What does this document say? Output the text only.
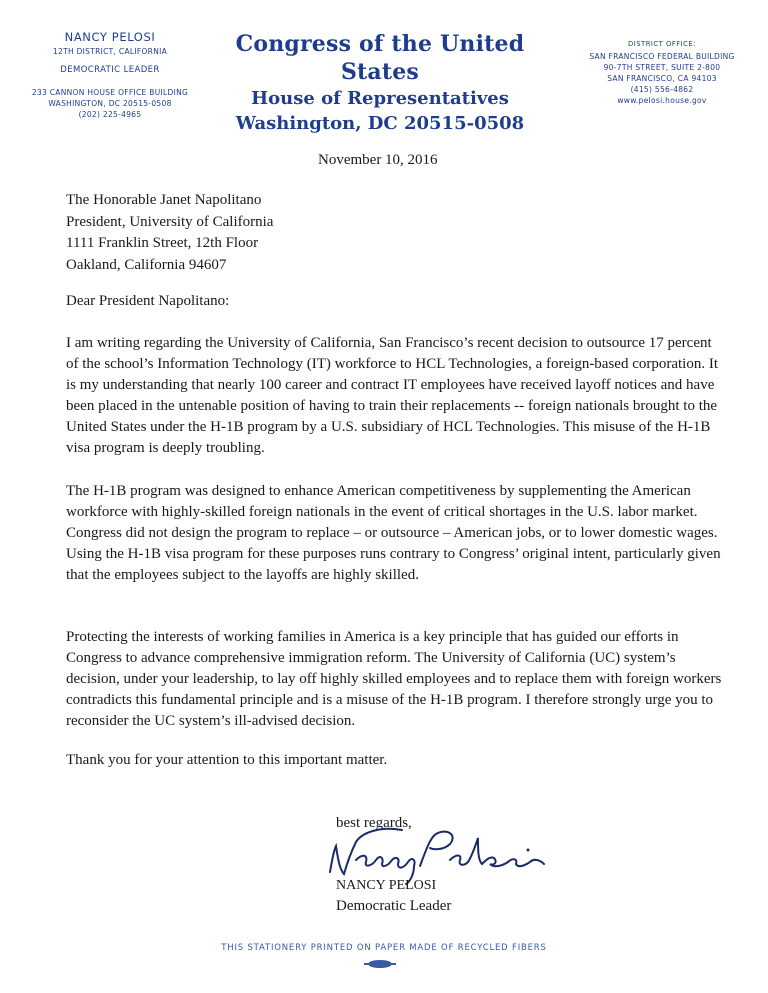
NANCY PELOSI
12TH DISTRICT, CALIFORNIA
DEMOCRATIC LEADER
233 CANNON HOUSE OFFICE BUILDING
WASHINGTON, DC 20515-0508
(202) 225-4965
Congress of the United States
House of Representatives
Washington, DC 20515-0508
DISTRICT OFFICE:
SAN FRANCISCO FEDERAL BUILDING
90-7TH STREET, SUITE 2-800
SAN FRANCISCO, CA 94103
(415) 556-4862
www.pelosi.house.gov
November 10, 2016
The Honorable Janet Napolitano
President, University of California
1111 Franklin Street, 12th Floor
Oakland, California 94607
Dear President Napolitano:
I am writing regarding the University of California, San Francisco’s recent decision to outsource 17 percent of the school’s Information Technology (IT) workforce to HCL Technologies, a foreign-based corporation. It is my understanding that nearly 100 career and contract IT employees have received layoff notices and have been placed in the untenable position of having to train their replacements -- foreign nationals brought to the United States under the H-1B program by a U.S. subsidiary of HCL Technologies. This misuse of the H-1B visa program is deeply troubling.
The H-1B program was designed to enhance American competitiveness by supplementing the American workforce with highly-skilled foreign nationals in the event of critical shortages in the U.S. labor market. Congress did not design the program to replace – or outsource – American jobs, or to lower domestic wages. Using the H-1B visa program for these purposes runs contrary to Congress’ original intent, particularly given that the employees subject to the layoffs are highly skilled.
Protecting the interests of working families in America is a key principle that has guided our efforts in Congress to advance comprehensive immigration reform. The University of California (UC) system’s decision, under your leadership, to lay off highly skilled employees and to replace them with foreign workers contradicts this fundamental principle and is a misuse of the H-1B program. I therefore strongly urge you to reconsider the UC system’s ill-advised decision.
Thank you for your attention to this important matter.
best regards,
NANCY PELOSI
Democratic Leader
THIS STATIONERY PRINTED ON PAPER MADE OF RECYCLED FIBERS
